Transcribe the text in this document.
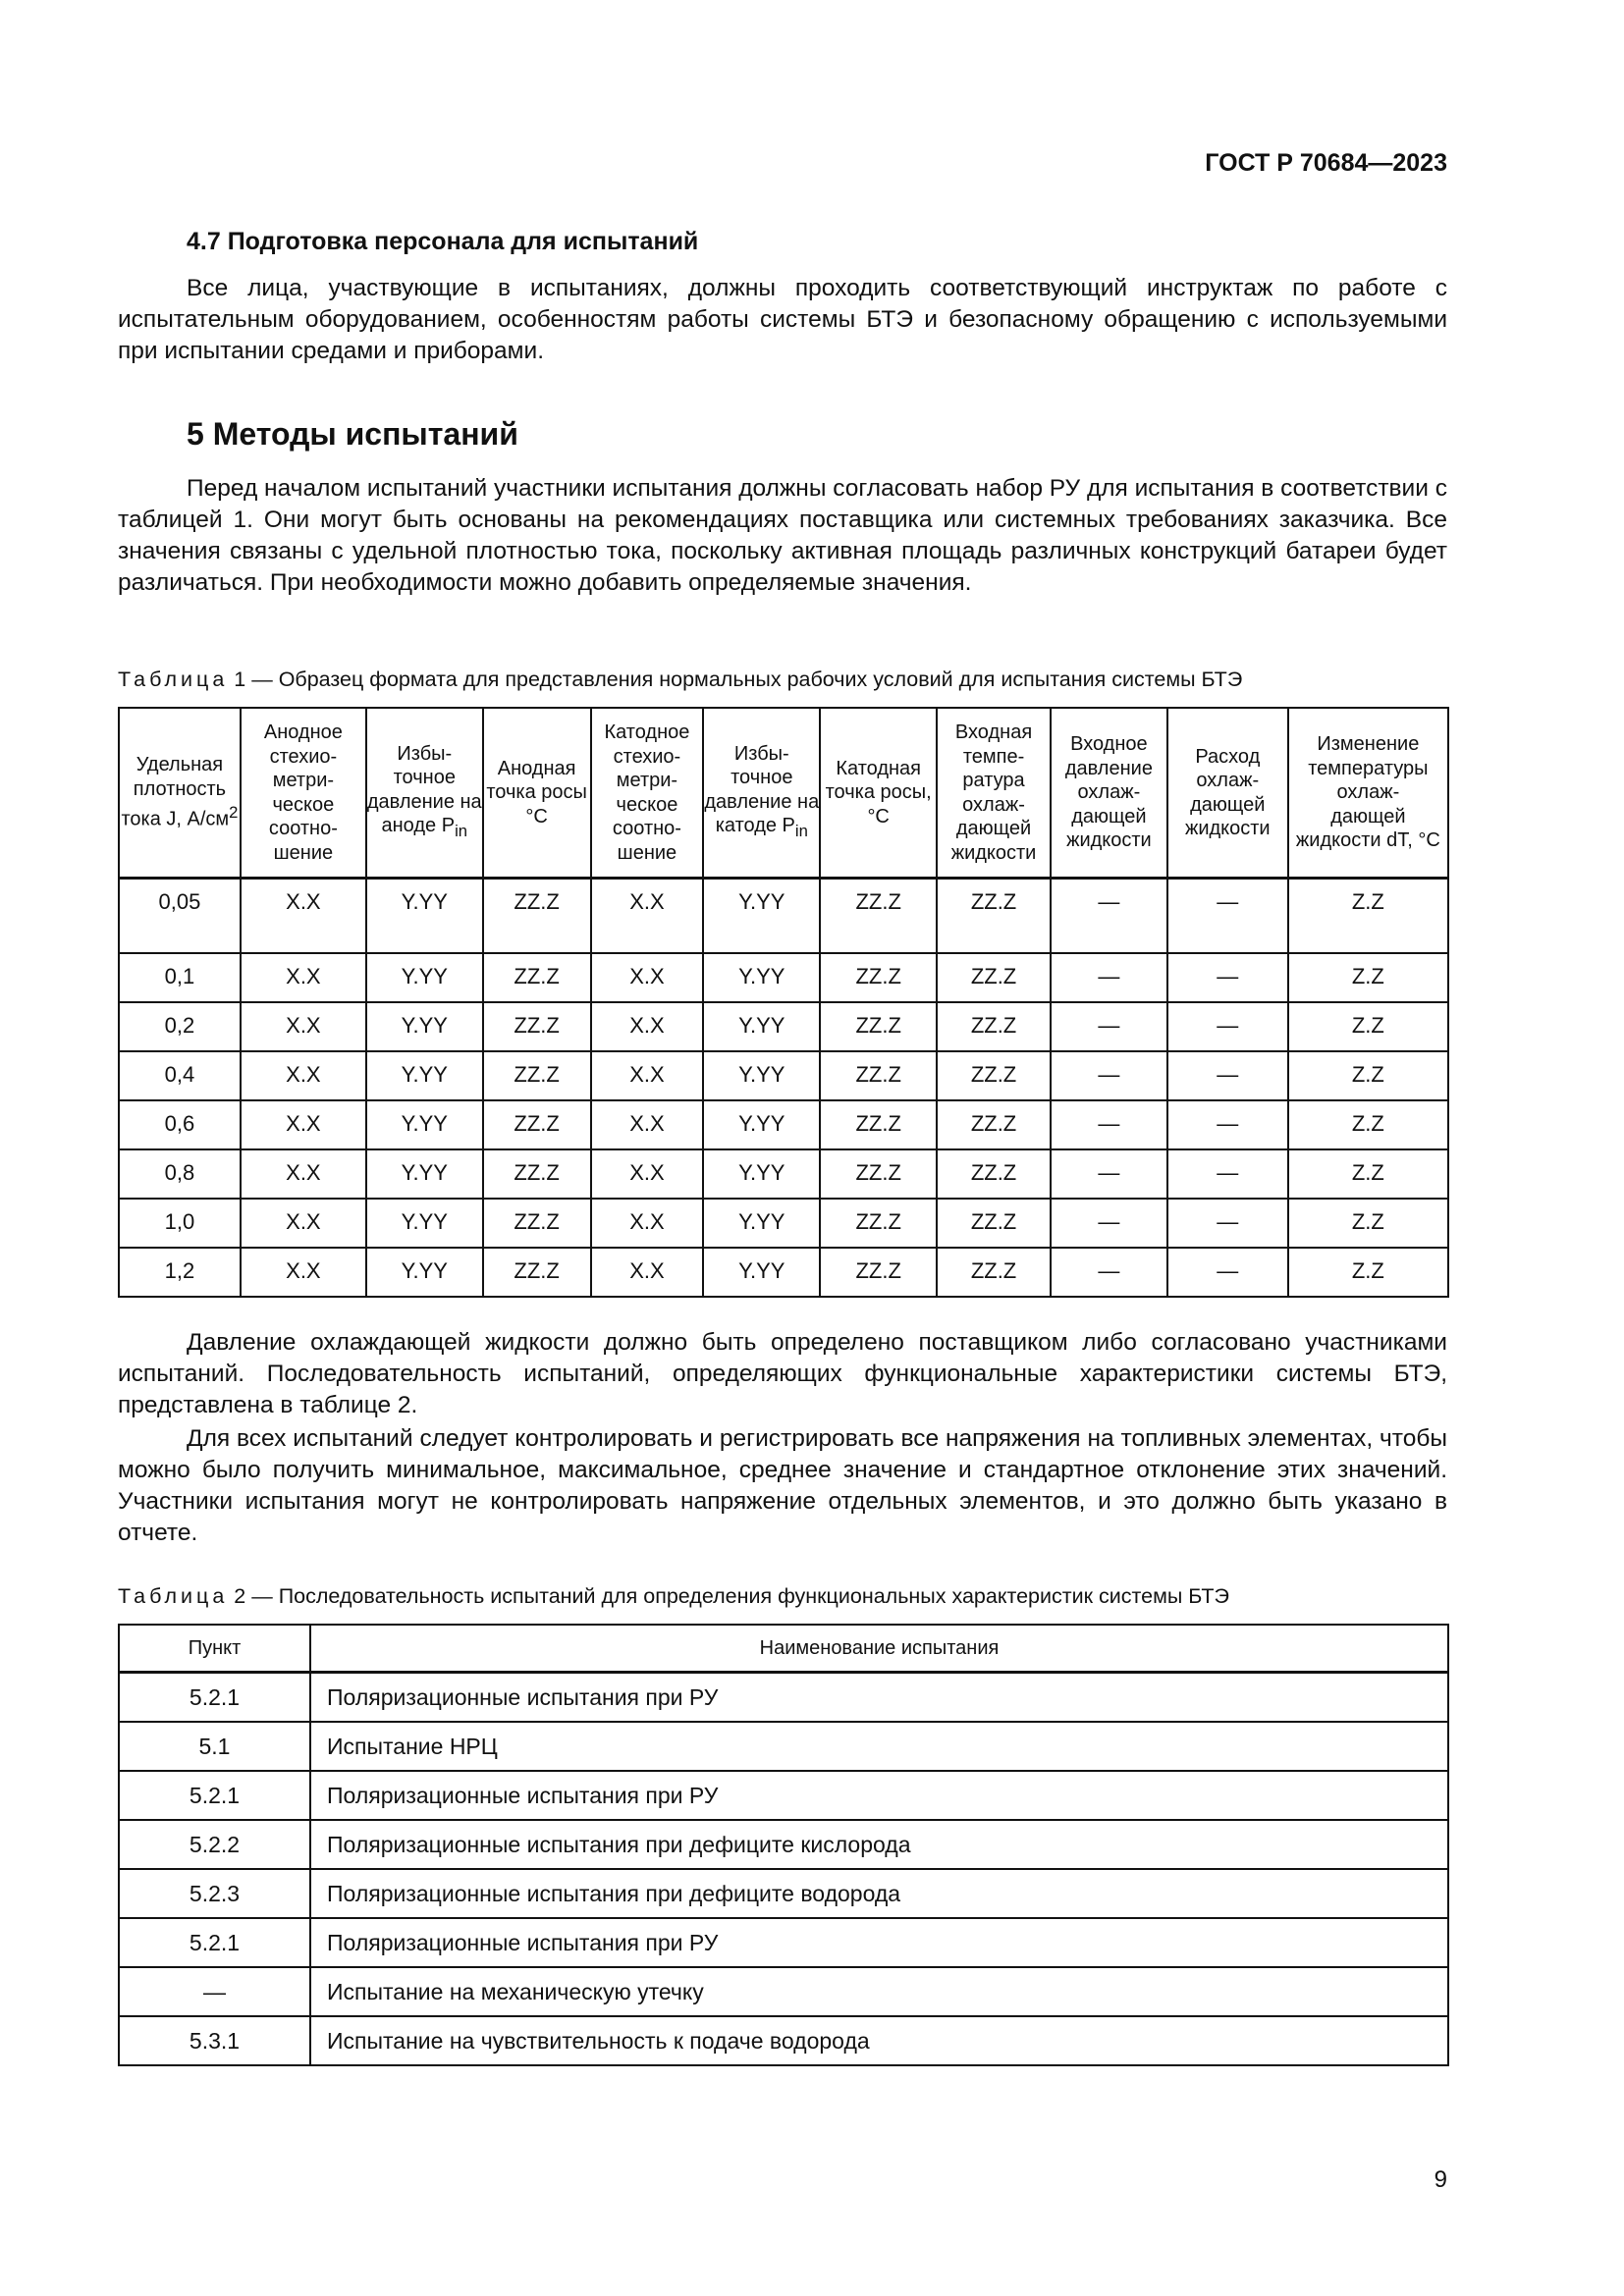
ГОСТ Р 70684—2023
4.7 Подготовка персонала для испытаний

Все лица, участвующие в испытаниях, должны проходить соответствующий инструктаж по работе с испытательным оборудованием, особенностям работы системы БТЭ и безопасному обращению с используемыми при испытании средами и приборами.

5 Методы испытаний

Перед началом испытаний участники испытания должны согласовать набор РУ для испытания в соответствии с таблицей 1. Они могут быть основаны на рекомендациях поставщика или системных требованиях заказчика. Все значения связаны с удельной плотностью тока, поскольку активная площадь различных конструкций батареи будет различаться. При необходимости можно добавить определяемые значения.

Таблица 1 — Образец формата для представления нормальных рабочих условий для испытания системы БТЭ
Удельная плотность тока J, $А/см^2$	Анодное стехио-
метри-
ческое соотно-
шение	Избы-
точное давление на аноде $P_{in}$	Анодная точка росы °C	Катодное стехио-
метри-
ческое соотно-
шение	Избы-
точное давление на катоде $P_{in}$	Катодная точка росы, °C	Входная темпе-
ратура охлаж-
дающей жидкости	Входное давление охлаж-
дающей жидкости	Расход охлаж-
дающей жидкости	Изменение температуры охлаж-
дающей жидкости dT, °C
0,05	X.X	Y.YY	ZZ.Z	X.X	Y.YY	ZZ.Z	ZZ.Z	—	—	Z.Z
0,1	X.X	Y.YY	ZZ.Z	X.X	Y.YY	ZZ.Z	ZZ.Z	—	—	Z.Z
0,2	X.X	Y.YY	ZZ.Z	X.X	Y.YY	ZZ.Z	ZZ.Z	—	—	Z.Z
0,4	X.X	Y.YY	ZZ.Z	X.X	Y.YY	ZZ.Z	ZZ.Z	—	—	Z.Z
0,6	X.X	Y.YY	ZZ.Z	X.X	Y.YY	ZZ.Z	ZZ.Z	—	—	Z.Z
0,8	X.X	Y.YY	ZZ.Z	X.X	Y.YY	ZZ.Z	ZZ.Z	—	—	Z.Z
1,0	X.X	Y.YY	ZZ.Z	X.X	Y.YY	ZZ.Z	ZZ.Z	—	—	Z.Z
1,2	X.X	Y.YY	ZZ.Z	X.X	Y.YY	ZZ.Z	ZZ.Z	—	—	Z.Z

Давление охлаждающей жидкости должно быть определено поставщиком либо согласовано участниками испытаний. Последовательность испытаний, определяющих функциональные характеристики системы БТЭ, представлена в таблице 2.

Для всех испытаний следует контролировать и регистрировать все напряжения на топливных элементах, чтобы можно было получить минимальное, максимальное, среднее значение и стандартное отклонение этих значений. Участники испытания могут не контролировать напряжение отдельных элементов, и это должно быть указано в отчете.

Таблица 2 — Последовательность испытаний для определения функциональных характеристик системы БТЭ
Пункт	Наименование испытания
5.2.1	Поляризационные испытания при РУ
5.1	Испытание НРЦ
5.2.1	Поляризационные испытания при РУ
5.2.2	Поляризационные испытания при дефиците кислорода
5.2.3	Поляризационные испытания при дефиците водорода
5.2.1	Поляризационные испытания при РУ
—	Испытание на механическую утечку
5.3.1	Испытание на чувствительность к подаче водорода
9
